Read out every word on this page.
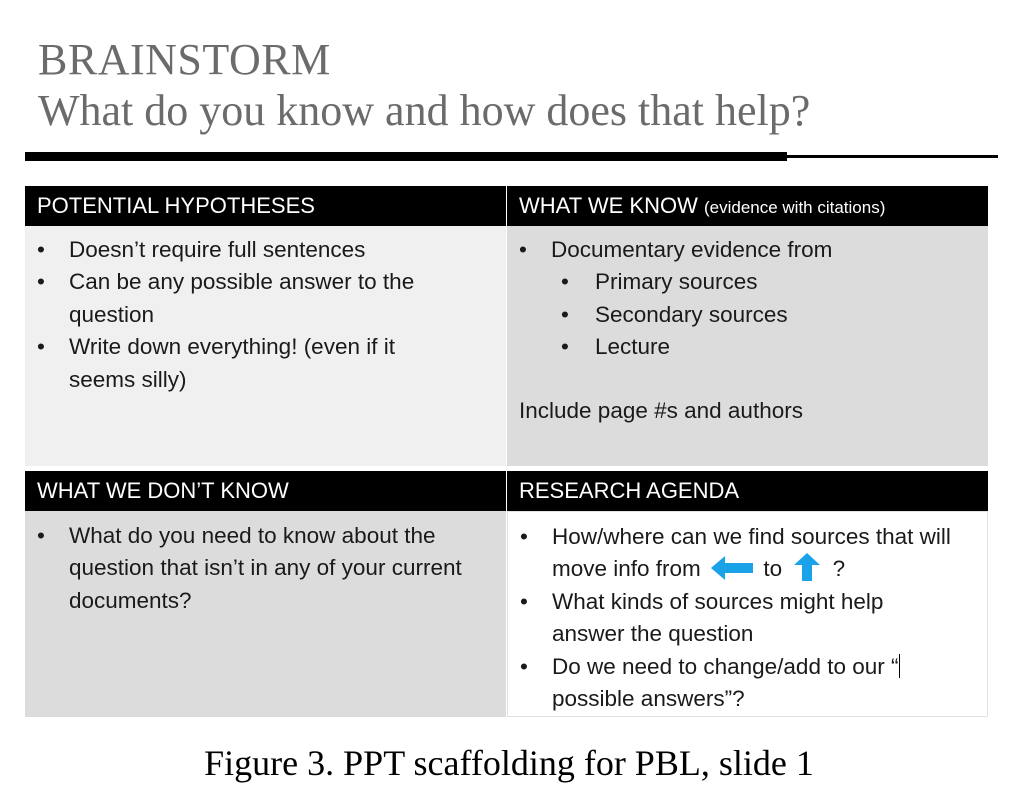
BRAINSTORM
What do you know and how does that help?
POTENTIAL HYPOTHESES
• Doesn’t require full sentences
• Can be any possible answer to the question
• Write down everything! (even if it seems silly)
WHAT WE KNOW (evidence with citations)
• Documentary evidence from
• Primary sources
• Secondary sources
• Lecture
Include page #s and authors
WHAT WE DON’T KNOW
• What do you need to know about the question that isn’t in any of your current documents?
RESEARCH AGENDA
• How/where can we find sources that will move info from	to ?
• What kinds of sources might help answer the question
• Do we need to change/add to our “possible answers”?
Figure 3. PPT scaffolding for PBL, slide 1
